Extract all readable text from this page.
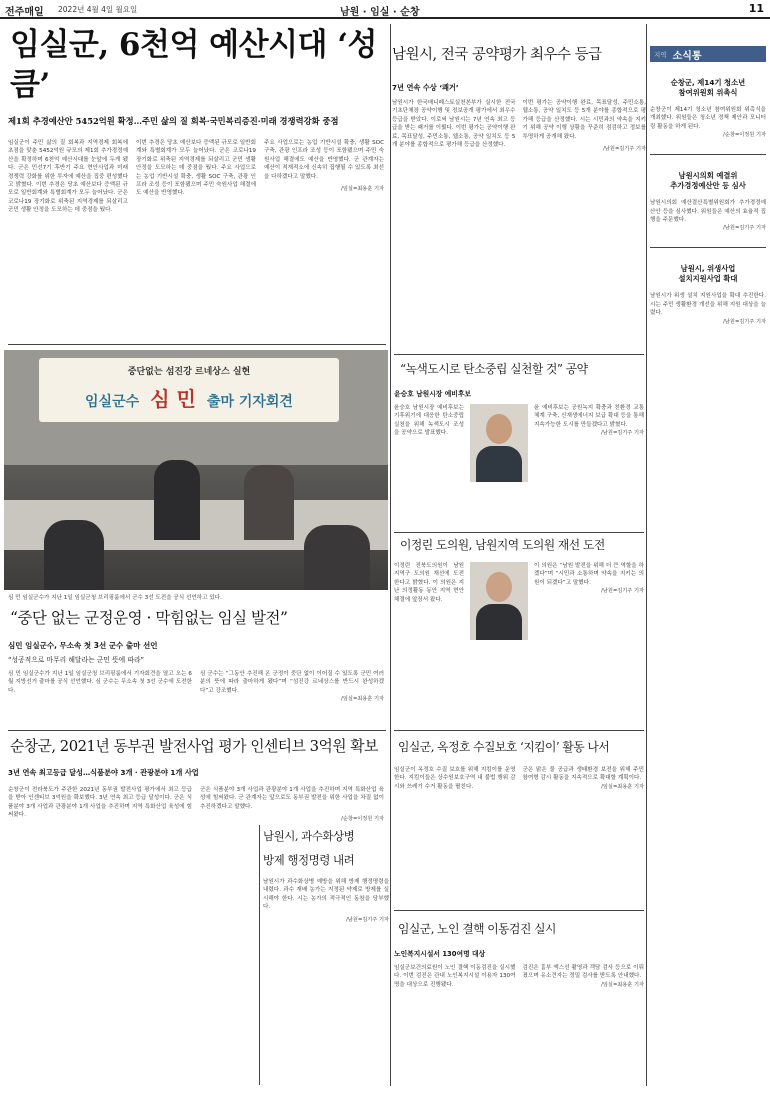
전주매일 2022년 4월 4일 월요일	남원 · 임실 · 순창	11
임실군, 6천억 예산시대 ‘성큼’
제1회 추경예산안 5452억원 확정…주민 삶의 질 회복·국민복리증진·미래 경쟁력강화 중점
임실군이 주민 삶의 질 회복과 지역경제 회복에 초점을 맞춘 5452억원 규모의 제1회 추가경정예산을 확정하며 6천억 예산시대를 눈앞에 두게 됐다. 군은 민선7기 후반기 주요 현안사업과 미래 경쟁력 강화를 위한 투자에 예산을 집중 편성했다고 밝혔다. 이번 추경은 당초 예산보다 증액된 규모로 일반회계와 특별회계가 모두 늘어났다. 군은 코로나19 장기화로 위축된 지역경제를 되살리고 군민 생활 안정을 도모하는 데 중점을 뒀다.
이번 추경은 당초 예산보다 증액된 규모로 일반회계와 특별회계가 모두 늘어났다. 군은 코로나19 장기화로 위축된 지역경제를 되살리고 군민 생활 안정을 도모하는 데 중점을 뒀다. 주요 사업으로는 농업 기반시설 확충, 생활 SOC 구축, 관광 인프라 조성 등이 포함됐으며 주민 숙원사업 해결에도 예산을 반영했다.
주요 사업으로는 농업 기반시설 확충, 생활 SOC 구축, 관광 인프라 조성 등이 포함됐으며 주민 숙원사업 해결에도 예산을 반영했다. 군 관계자는 예산이 적재적소에 신속히 집행될 수 있도록 최선을 다하겠다고 말했다.
/임실=최용훈 기자
남원시, 전국 공약평가 최우수 등급
7년 연속 수상 ‘쾌거’
남원시가 한국매니페스토실천본부가 실시한 전국 기초단체장 공약이행 및 정보공개 평가에서 최우수 등급을 받았다. 이로써 남원시는 7년 연속 최고 등급을 받는 쾌거를 이뤘다. 이번 평가는 공약이행 완료, 목표달성, 주민소통, 웹소통, 공약 일치도 등 5개 분야를 종합적으로 평가해 등급을 산정했다.
이번 평가는 공약이행 완료, 목표달성, 주민소통, 웹소통, 공약 일치도 등 5개 분야를 종합적으로 평가해 등급을 산정했다. 시는 시민과의 약속을 지키기 위해 공약 이행 상황을 꾸준히 점검하고 정보를 투명하게 공개해 왔다.
/남원=김기주 기자
중단없는 섬진강 르네상스 실현
임실군수 심 민 출마 기자회견
심 민 임실군수가 지난 1일 임실군청 브리핑룸에서 군수 3선 도전을 공식 선언하고 있다.
“중단 없는 군정운영 · 막힘없는 임실 발전”
심민 임실군수, 무소속 첫 3선 군수 출마 선언
“성공적으로 마무리 해달라는 군민 뜻에 따라”
심 민 임실군수가 지난 1일 임실군청 브리핑룸에서 기자회견을 열고 오는 6월 지방선거 출마를 공식 선언했다. 심 군수는 무소속 첫 3선 군수에 도전한다.
심 군수는 “그동안 추진해 온 군정이 중단 없이 이어질 수 있도록 군민 여러분의 뜻에 따라 출마하게 됐다”며 “섬진강 르네상스를 반드시 완성하겠다”고 강조했다.
/임실=최용훈 기자
순창군, 2021년 동부권 발전사업 평가 인센티브 3억원 확보
3년 연속 최고등급 달성…식품분야 3개 · 관광분야 1개 사업
순창군이 전라북도가 주관한 2021년 동부권 발전사업 평가에서 최고 등급을 받아 인센티브 3억원을 확보했다. 3년 연속 최고 등급 달성이다. 군은 식품분야 3개 사업과 관광분야 1개 사업을 추진하며 지역 특화산업 육성에 힘써왔다.
군은 식품분야 3개 사업과 관광분야 1개 사업을 추진하며 지역 특화산업 육성에 힘써왔다. 군 관계자는 앞으로도 동부권 발전을 위한 사업을 차질 없이 추진하겠다고 말했다.
/순창=이정원 기자
남원시, 과수화상병
방제 행정명령 내려
남원시가 과수화상병 예방을 위해 방제 행정명령을 내렸다. 과수 재배 농가는 지정된 약제로 방제를 실시해야 한다. 시는 농가의 적극적인 동참을 당부했다.
/남원=김기주 기자
“녹색도시로 탄소중립 실천할 것” 공약
윤승호 남원시장 예비후보
윤승호 남원시장 예비후보는 기후위기에 대응한 탄소중립 실천을 위해 녹색도시 조성을 공약으로 발표했다.
윤 예비후보는 공원녹지 확충과 친환경 교통체계 구축, 신재생에너지 보급 확대 등을 통해 지속가능한 도시를 만들겠다고 밝혔다.
/남원=김기주 기자
이정린 도의원, 남원지역 도의원 재선 도전
이정린 전북도의원이 남원 지역구 도의원 재선에 도전한다고 밝혔다. 이 의원은 지난 의정활동 동안 지역 현안 해결에 앞장서 왔다.
이 의원은 “남원 발전을 위해 더 큰 역할을 하겠다”며 “시민과 소통하며 약속을 지키는 의원이 되겠다”고 말했다.
/남원=김기주 기자
임실군, 옥정호 수질보호 ‘지킴이’ 활동 나서
임실군이 옥정호 수질 보호를 위해 지킴이를 운영한다. 지킴이들은 상수원보호구역 내 불법 행위 감시와 쓰레기 수거 활동을 펼친다.
군은 맑은 물 공급과 생태환경 보전을 위해 주민 참여형 감시 활동을 지속적으로 확대할 계획이다.
/임실=최용훈 기자
임실군, 노인 결핵 이동검진 실시
노인복지시설서 130여명 대상
임실군보건의료원이 노인 결핵 이동검진을 실시했다. 이번 검진은 관내 노인복지시설 이용자 130여명을 대상으로 진행됐다.
검진은 흉부 엑스선 촬영과 객담 검사 등으로 이뤄졌으며 유소견자는 정밀 검사를 받도록 안내했다.
/임실=최용훈 기자
지역 소식통
순창군, 제14기 청소년
참여위원회 위촉식
순창군이 제14기 청소년 참여위원회 위촉식을 개최했다. 위원들은 청소년 정책 제안과 모니터링 활동을 하게 된다.
/순창=이정원 기자
남원시의회 예결위
추가경정예산안 등 심사
남원시의회 예산결산특별위원회가 추가경정예산안 등을 심사했다. 위원들은 예산의 효율적 집행을 주문했다.
/남원=김기주 기자
남원시, 위생사업
설치지원사업 확대
남원시가 위생 설치 지원사업을 확대 추진한다. 시는 주민 생활환경 개선을 위해 지원 대상을 늘렸다.
/남원=김기주 기자
